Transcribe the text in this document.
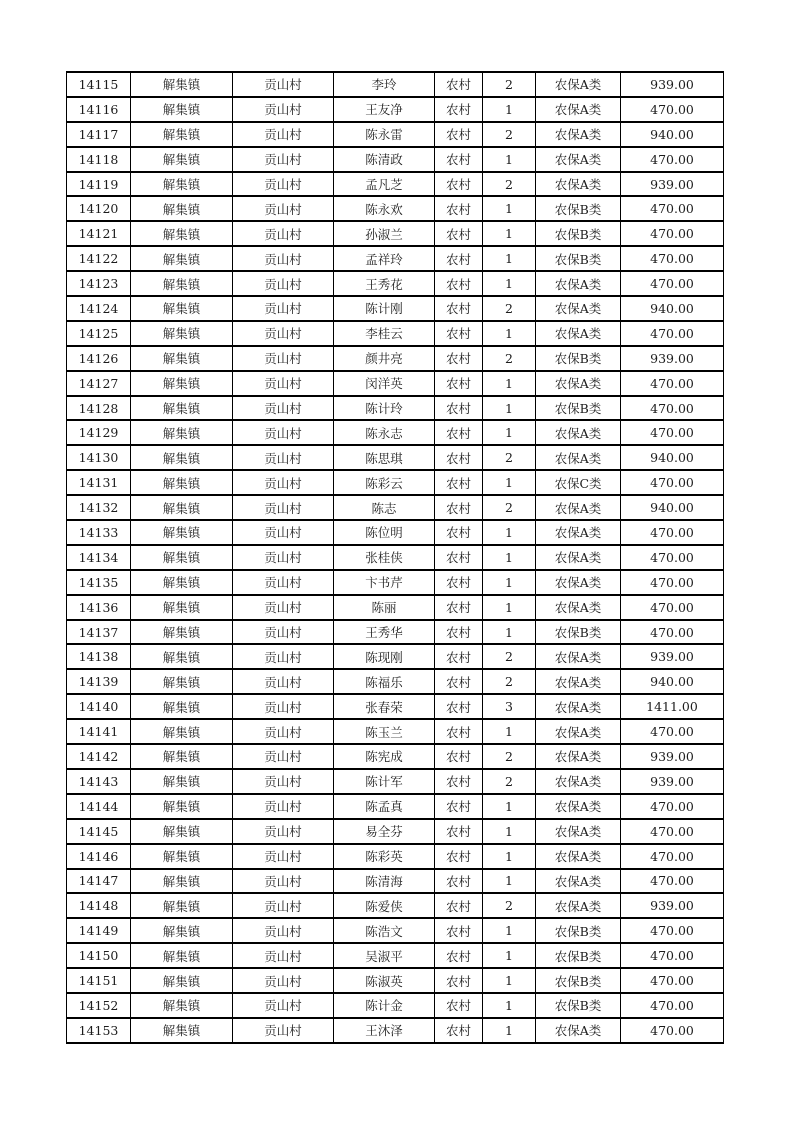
14115	解集镇	贡山村	李玲	农村	2	农保A类	939.00
14116	解集镇	贡山村	王友净	农村	1	农保A类	470.00
14117	解集镇	贡山村	陈永雷	农村	2	农保A类	940.00
14118	解集镇	贡山村	陈清政	农村	1	农保A类	470.00
14119	解集镇	贡山村	孟凡芝	农村	2	农保A类	939.00
14120	解集镇	贡山村	陈永欢	农村	1	农保B类	470.00
14121	解集镇	贡山村	孙淑兰	农村	1	农保B类	470.00
14122	解集镇	贡山村	孟祥玲	农村	1	农保B类	470.00
14123	解集镇	贡山村	王秀花	农村	1	农保A类	470.00
14124	解集镇	贡山村	陈计刚	农村	2	农保A类	940.00
14125	解集镇	贡山村	李桂云	农村	1	农保A类	470.00
14126	解集镇	贡山村	颜井亮	农村	2	农保B类	939.00
14127	解集镇	贡山村	闵洋英	农村	1	农保A类	470.00
14128	解集镇	贡山村	陈计玲	农村	1	农保B类	470.00
14129	解集镇	贡山村	陈永志	农村	1	农保A类	470.00
14130	解集镇	贡山村	陈思琪	农村	2	农保A类	940.00
14131	解集镇	贡山村	陈彩云	农村	1	农保C类	470.00
14132	解集镇	贡山村	陈志	农村	2	农保A类	940.00
14133	解集镇	贡山村	陈位明	农村	1	农保A类	470.00
14134	解集镇	贡山村	张桂侠	农村	1	农保A类	470.00
14135	解集镇	贡山村	卞书芹	农村	1	农保A类	470.00
14136	解集镇	贡山村	陈丽	农村	1	农保A类	470.00
14137	解集镇	贡山村	王秀华	农村	1	农保B类	470.00
14138	解集镇	贡山村	陈现刚	农村	2	农保A类	939.00
14139	解集镇	贡山村	陈福乐	农村	2	农保A类	940.00
14140	解集镇	贡山村	张春荣	农村	3	农保A类	1411.00
14141	解集镇	贡山村	陈玉兰	农村	1	农保A类	470.00
14142	解集镇	贡山村	陈宪成	农村	2	农保A类	939.00
14143	解集镇	贡山村	陈计军	农村	2	农保A类	939.00
14144	解集镇	贡山村	陈孟真	农村	1	农保A类	470.00
14145	解集镇	贡山村	易全芬	农村	1	农保A类	470.00
14146	解集镇	贡山村	陈彩英	农村	1	农保A类	470.00
14147	解集镇	贡山村	陈清海	农村	1	农保A类	470.00
14148	解集镇	贡山村	陈爱侠	农村	2	农保A类	939.00
14149	解集镇	贡山村	陈浩文	农村	1	农保B类	470.00
14150	解集镇	贡山村	吴淑平	农村	1	农保B类	470.00
14151	解集镇	贡山村	陈淑英	农村	1	农保B类	470.00
14152	解集镇	贡山村	陈计金	农村	1	农保B类	470.00
14153	解集镇	贡山村	王沐泽	农村	1	农保A类	470.00
